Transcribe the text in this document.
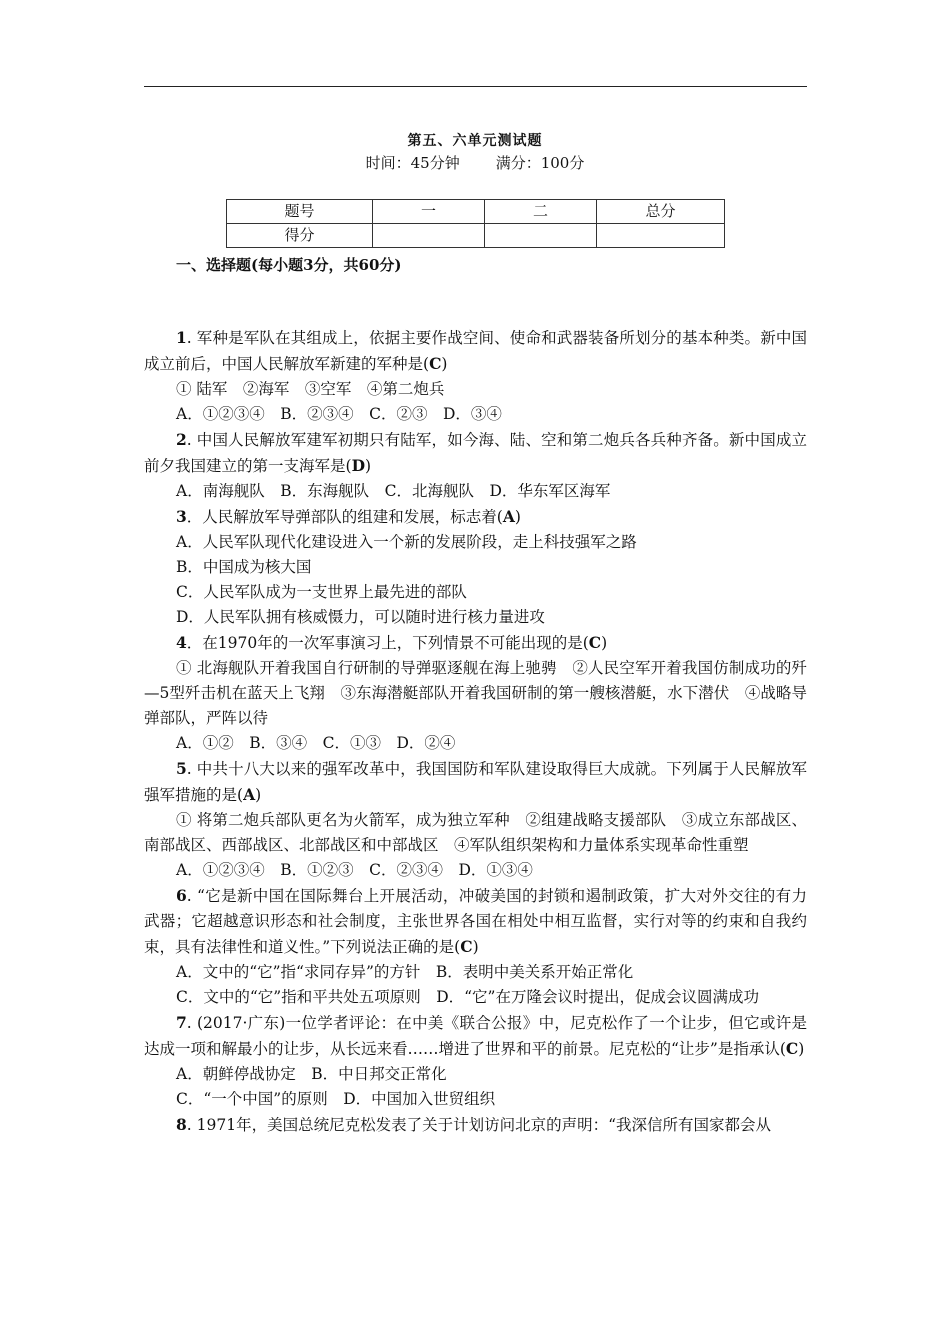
第五、六单元测试题
时间：45分钟 满分：100分
题号	一	二	总分
得分			
一、选择题(每小题3分，共60分)

1. 军种是军队在其组成上，依据主要作战空间、使命和武器装备所划分的基本种类。新中国成立前后，中国人民解放军新建的军种是(C)

① 陆军　②海军　③空军　④第二炮兵

A．①②③④　B．②③④　C．②③　D．③④

2. 中国人民解放军建军初期只有陆军，如今海、陆、空和第二炮兵各兵种齐备。新中国成立前夕我国建立的第一支海军是(D)

A．南海舰队　B．东海舰队　C．北海舰队　D．华东军区海军

3．人民解放军导弹部队的组建和发展，标志着(A)

A．人民军队现代化建设进入一个新的发展阶段，走上科技强军之路

B．中国成为核大国

C．人民军队成为一支世界上最先进的部队

D．人民军队拥有核威慑力，可以随时进行核力量进攻

4．在1970年的一次军事演习上，下列情景不可能出现的是(C)

① 北海舰队开着我国自行研制的导弹驱逐舰在海上驰骋　②人民空军开着我国仿制成功的歼—5型歼击机在蓝天上飞翔　③东海潜艇部队开着我国研制的第一艘核潜艇，水下潜伏　④战略导弹部队，严阵以待

A．①②　B．③④　C．①③　D．②④

5. 中共十八大以来的强军改革中，我国国防和军队建设取得巨大成就。下列属于人民解放军强军措施的是(A)

① 将第二炮兵部队更名为火箭军，成为独立军种　②组建战略支援部队　③成立东部战区、南部战区、西部战区、北部战区和中部战区　④军队组织架构和力量体系实现革命性重塑

A．①②③④　B．①②③　C．②③④　D．①③④

6. “它是新中国在国际舞台上开展活动，冲破美国的封锁和遏制政策，扩大对外交往的有力武器；它超越意识形态和社会制度，主张世界各国在相处中相互监督，实行对等的约束和自我约束，具有法律性和道义性。”下列说法正确的是(C)

A．文中的“它”指“求同存异”的方针　B．表明中美关系开始正常化

C．文中的“它”指和平共处五项原则　D．“它”在万隆会议时提出，促成会议圆满成功

7. (2017·广东)一位学者评论：在中美《联合公报》中，尼克松作了一个让步，但它或许是达成一项和解最小的让步，从长远来看……增进了世界和平的前景。尼克松的“让步”是指承认(C)

A．朝鲜停战协定　B．中日邦交正常化

C．“一个中国”的原则　D．中国加入世贸组织

8. 1971年，美国总统尼克松发表了关于计划访问北京的声明：“我深信所有国家都会从
